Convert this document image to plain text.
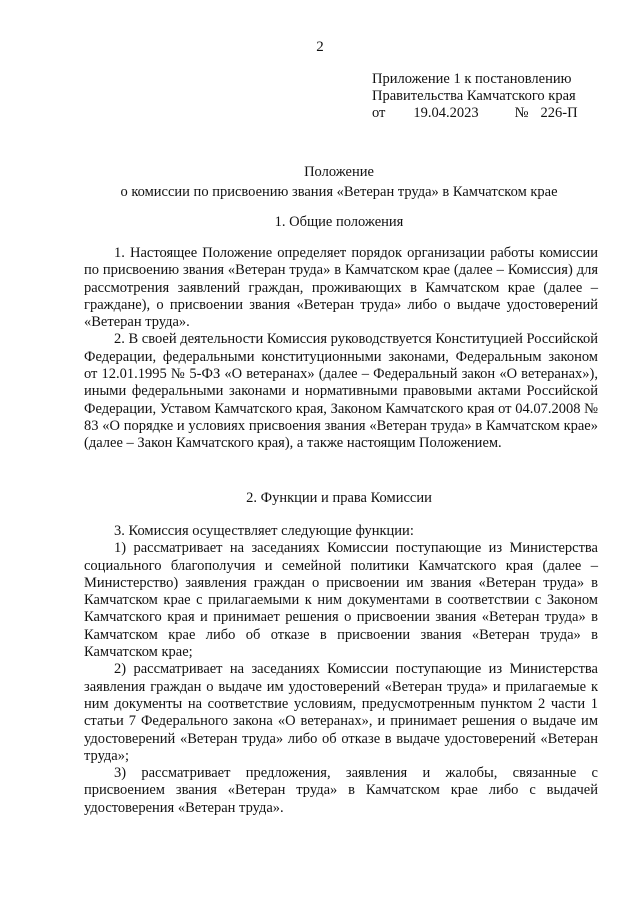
2
Приложение 1 к постановлению
Правительства Камчатского края
от 19.04.2023 № 226-П
Положение
о комиссии по присвоению звания «Ветеран труда» в Камчатском крае
1. Общие положения

1. Настоящее Положение определяет порядок организации работы комиссии по присвоению звания «Ветеран труда» в Камчатском крае (далее – Комиссия) для рассмотрения заявлений граждан, проживающих в Камчатском крае (далее – граждане), о присвоении звания «Ветеран труда» либо о выдаче удостоверений «Ветеран труда».

2. В своей деятельности Комиссия руководствуется Конституцией Российской Федерации, федеральными конституционными законами, Федеральным законом от 12.01.1995 № 5-ФЗ «О ветеранах» (далее – Федеральный закон «О ветеранах»), иными федеральными законами и нормативными правовыми актами Российской Федерации, Уставом Камчатского края, Законом Камчатского края от 04.07.2008 № 83 «О порядке и условиях присвоения звания «Ветеран труда» в Камчатском крае» (далее – Закон Камчатского края), а также настоящим Положением.

2. Функции и права Комиссии

3. Комиссия осуществляет следующие функции:

1) рассматривает на заседаниях Комиссии поступающие из Министерства социального благополучия и семейной политики Камчатского края (далее – Министерство) заявления граждан о присвоении им звания «Ветеран труда» в Камчатском крае с прилагаемыми к ним документами в соответствии с Законом Камчатского края и принимает решения о присвоении звания «Ветеран труда» в Камчатском крае либо об отказе в присвоении звания «Ветеран труда» в Камчатском крае;

2) рассматривает на заседаниях Комиссии поступающие из Министерства заявления граждан о выдаче им удостоверений «Ветеран труда» и прилагаемые к ним документы на соответствие условиям, предусмотренным пунктом 2 части 1 статьи 7 Федерального закона «О ветеранах», и принимает решения о выдаче им удостоверений «Ветеран труда» либо об отказе в выдаче удостоверений «Ветеран труда»;

3) рассматривает предложения, заявления и жалобы, связанные с присвоением звания «Ветеран труда» в Камчатском крае либо с выдачей удостоверения «Ветеран труда».
